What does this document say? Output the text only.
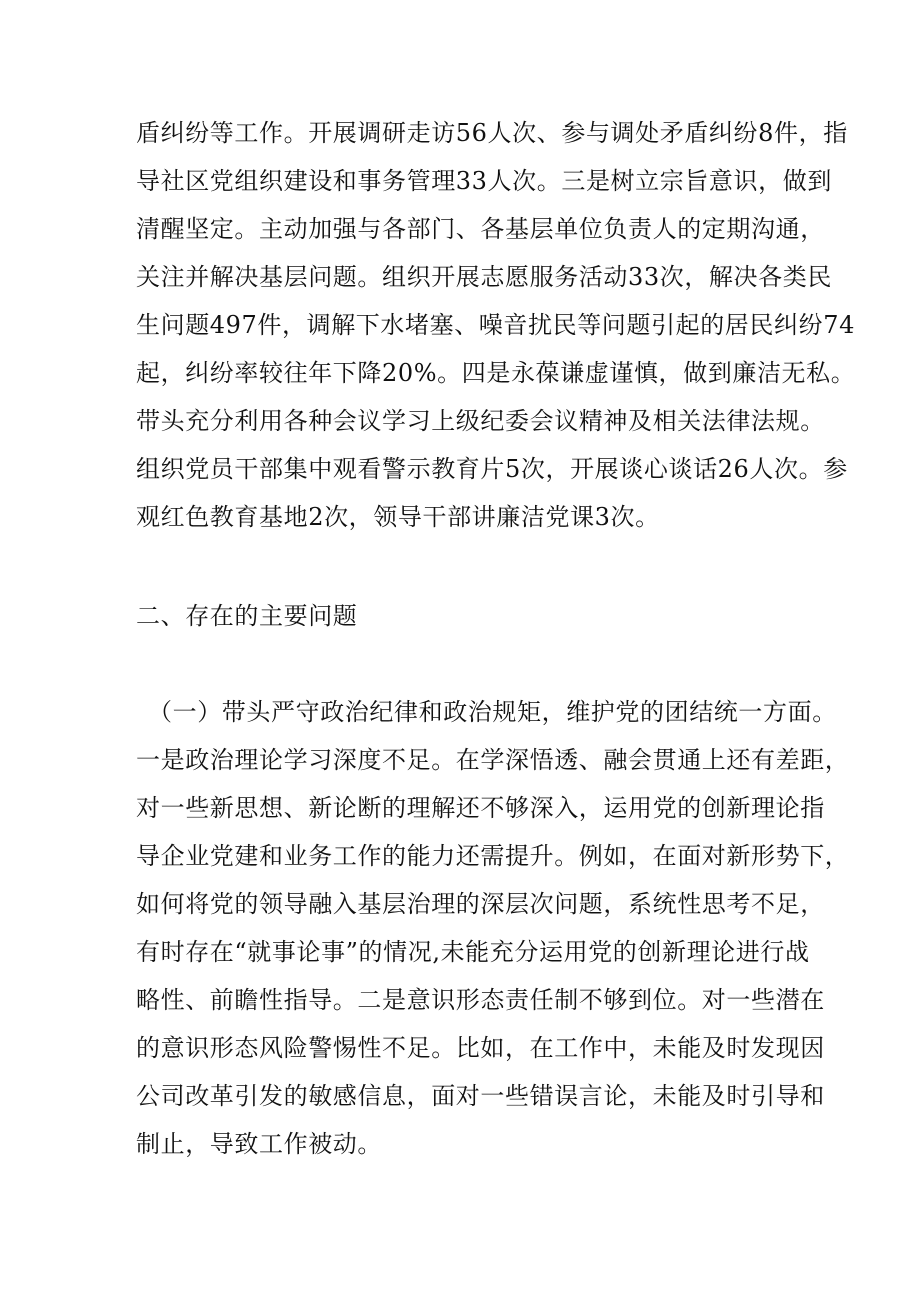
盾纠纷等工作。开展调研走访56人次、参与调处矛盾纠纷8件，指
导社区党组织建设和事务管理33人次。三是树立宗旨意识，做到
清醒坚定。主动加强与各部门、各基层单位负责人的定期沟通，
关注并解决基层问题。组织开展志愿服务活动33次，解决各类民
生问题497件，调解下水堵塞、噪音扰民等问题引起的居民纠纷74
起，纠纷率较往年下降20%。四是永葆谦虚谨慎，做到廉洁无私。
带头充分利用各种会议学习上级纪委会议精神及相关法律法规。
组织党员干部集中观看警示教育片5次，开展谈心谈话26人次。参
观红色教育基地2次，领导干部讲廉洁党课3次。
二、存在的主要问题
（一）带头严守政治纪律和政治规矩，维护党的团结统一方面。
一是政治理论学习深度不足。在学深悟透、融会贯通上还有差距，
对一些新思想、新论断的理解还不够深入，运用党的创新理论指
导企业党建和业务工作的能力还需提升。例如，在面对新形势下，
如何将党的领导融入基层治理的深层次问题，系统性思考不足，
有时存在“就事论事”的情况,未能充分运用党的创新理论进行战
略性、前瞻性指导。二是意识形态责任制不够到位。对一些潜在
的意识形态风险警惕性不足。比如，在工作中，未能及时发现因
公司改革引发的敏感信息，面对一些错误言论，未能及时引导和
制止，导致工作被动。
